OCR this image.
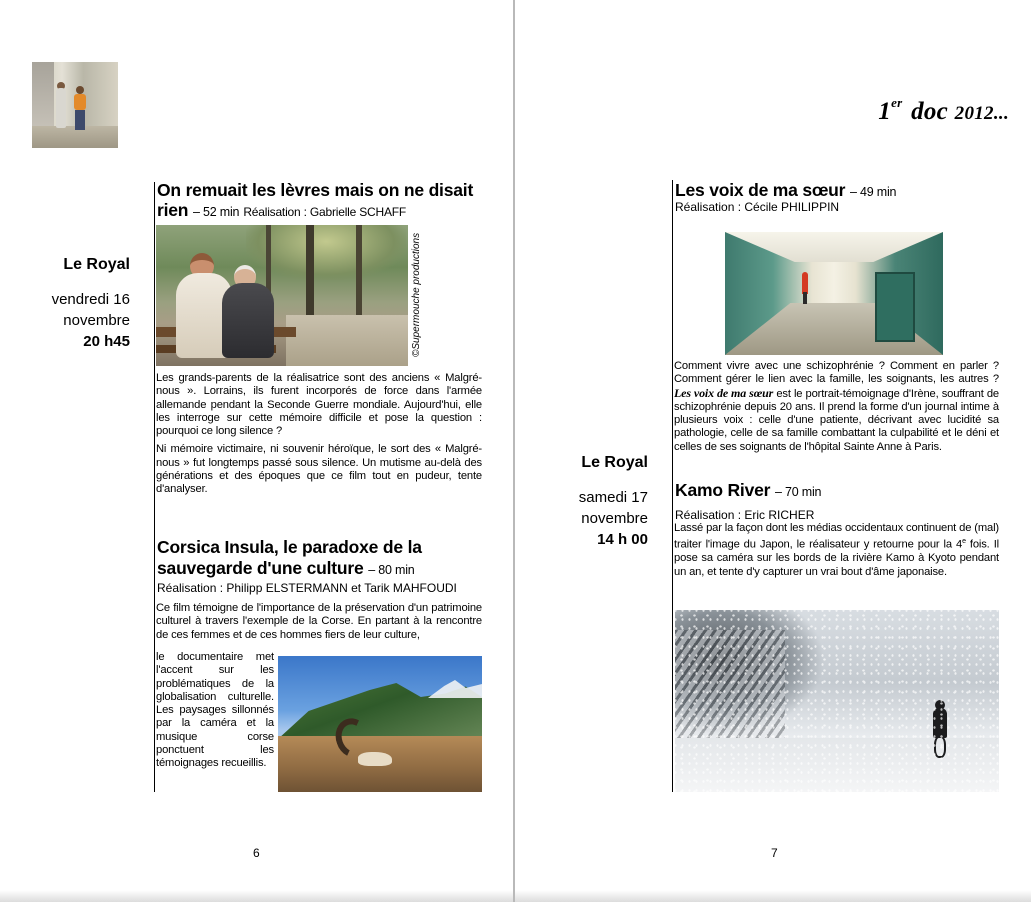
Le Royal
vendredi 16
novembre
20 h45
On remuait les lèvres mais on ne disait
rien – 52 min Réalisation : Gabrielle SCHAFF
©Supermouche productions

Les grands-parents de la réalisatrice sont des anciens « Malgré-nous ». Lorrains, ils furent incorporés de force dans l'armée allemande pendant la Seconde Guerre mondiale. Aujourd'hui, elle les interroge sur cette mémoire difficile et pose la question : pourquoi ce long silence ?

Ni mémoire victimaire, ni souvenir héroïque, le sort des « Malgré-nous » fut longtemps passé sous silence. Un mutisme au-delà des générations et des époques que ce film tout en pudeur, tente d'analyser.

Corsica Insula, le paradoxe de la
sauvegarde d'une culture – 80 min
Réalisation : Philipp ELSTERMANN et Tarik MAHFOUDI
Ce film témoigne de l'importance de la préservation d'un patrimoine culturel à travers l'exemple de la Corse. En partant à la rencontre de ces femmes et de ces hommes fiers de leur culture,
le documentaire met l'accent sur les problématiques de la globalisation culturelle. Les paysages sillonnés par la caméra et la musique corse ponctuent les témoignages recueillis.
6
1er doc 2012...
Le Royal
samedi 17
novembre
14 h 00
Les voix de ma sœur – 49 min
Réalisation : Cécile PHILIPPIN
Comment vivre avec une schizophrénie ? Comment en parler ? Comment gérer le lien avec la famille, les soignants, les autres ? Les voix de ma sœur est le portrait-témoignage d'Irène, souffrant de schizophrénie depuis 20 ans. Il prend la forme d'un journal intime à plusieurs voix : celle d'une patiente, décrivant avec lucidité sa pathologie, celle de sa famille combattant la culpabilité et le déni et celles de ses soignants de l'hôpital Sainte Anne à Paris.
Kamo River – 70 min
Réalisation : Eric RICHER
Lassé par la façon dont les médias occidentaux continuent de (mal) traiter l'image du Japon, le réalisateur y retourne pour la 4e fois. Il pose sa caméra sur les bords de la rivière Kamo à Kyoto pendant un an, et tente d'y capturer un vrai bout d'âme japonaise.
7
